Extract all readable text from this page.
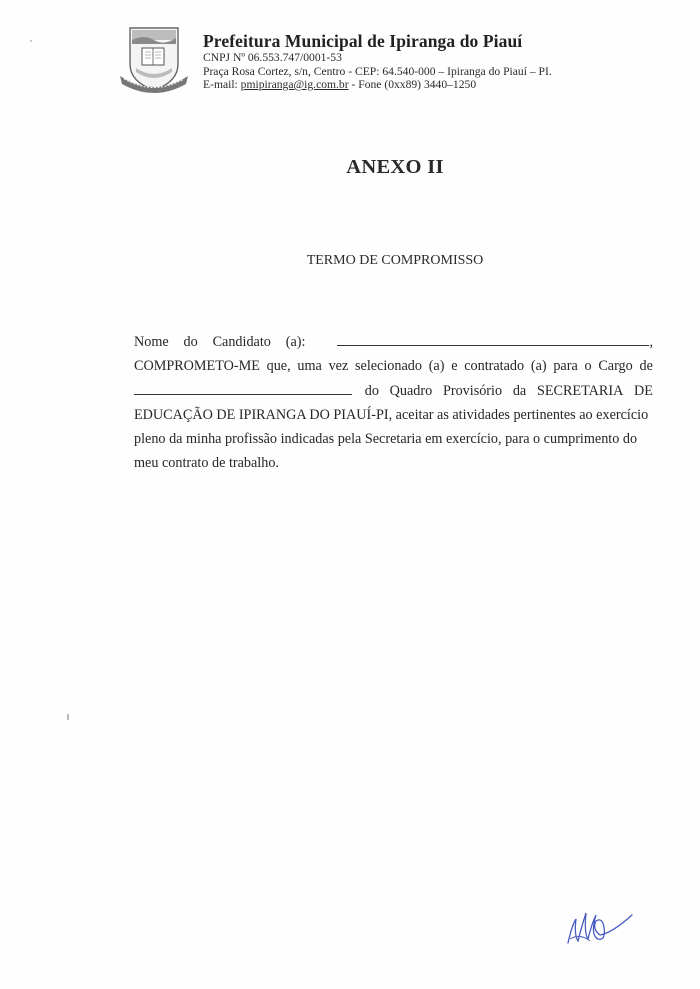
Prefeitura Municipal de Ipiranga do Piauí
CNPJ Nº 06.553.747/0001-53
Praça Rosa Cortez, s/n, Centro - CEP: 64.540-000 – Ipiranga do Piauí – PI.
E-mail: pmipiranga@ig.com.br - Fone (0xx89) 3440–1250
ANEXO II
TERMO DE COMPROMISSO
Nome do Candidato (a):	,
COMPROMETO-ME que, uma vez selecionado (a) e contratado (a) para o Cargo de
do Quadro Provisório da SECRETARIA DE
EDUCAÇÃO DE IPIRANGA DO PIAUÍ-PI, aceitar as atividades pertinentes ao exercício
pleno da minha profissão indicadas pela Secretaria em exercício, para o cumprimento do
meu contrato de trabalho.
